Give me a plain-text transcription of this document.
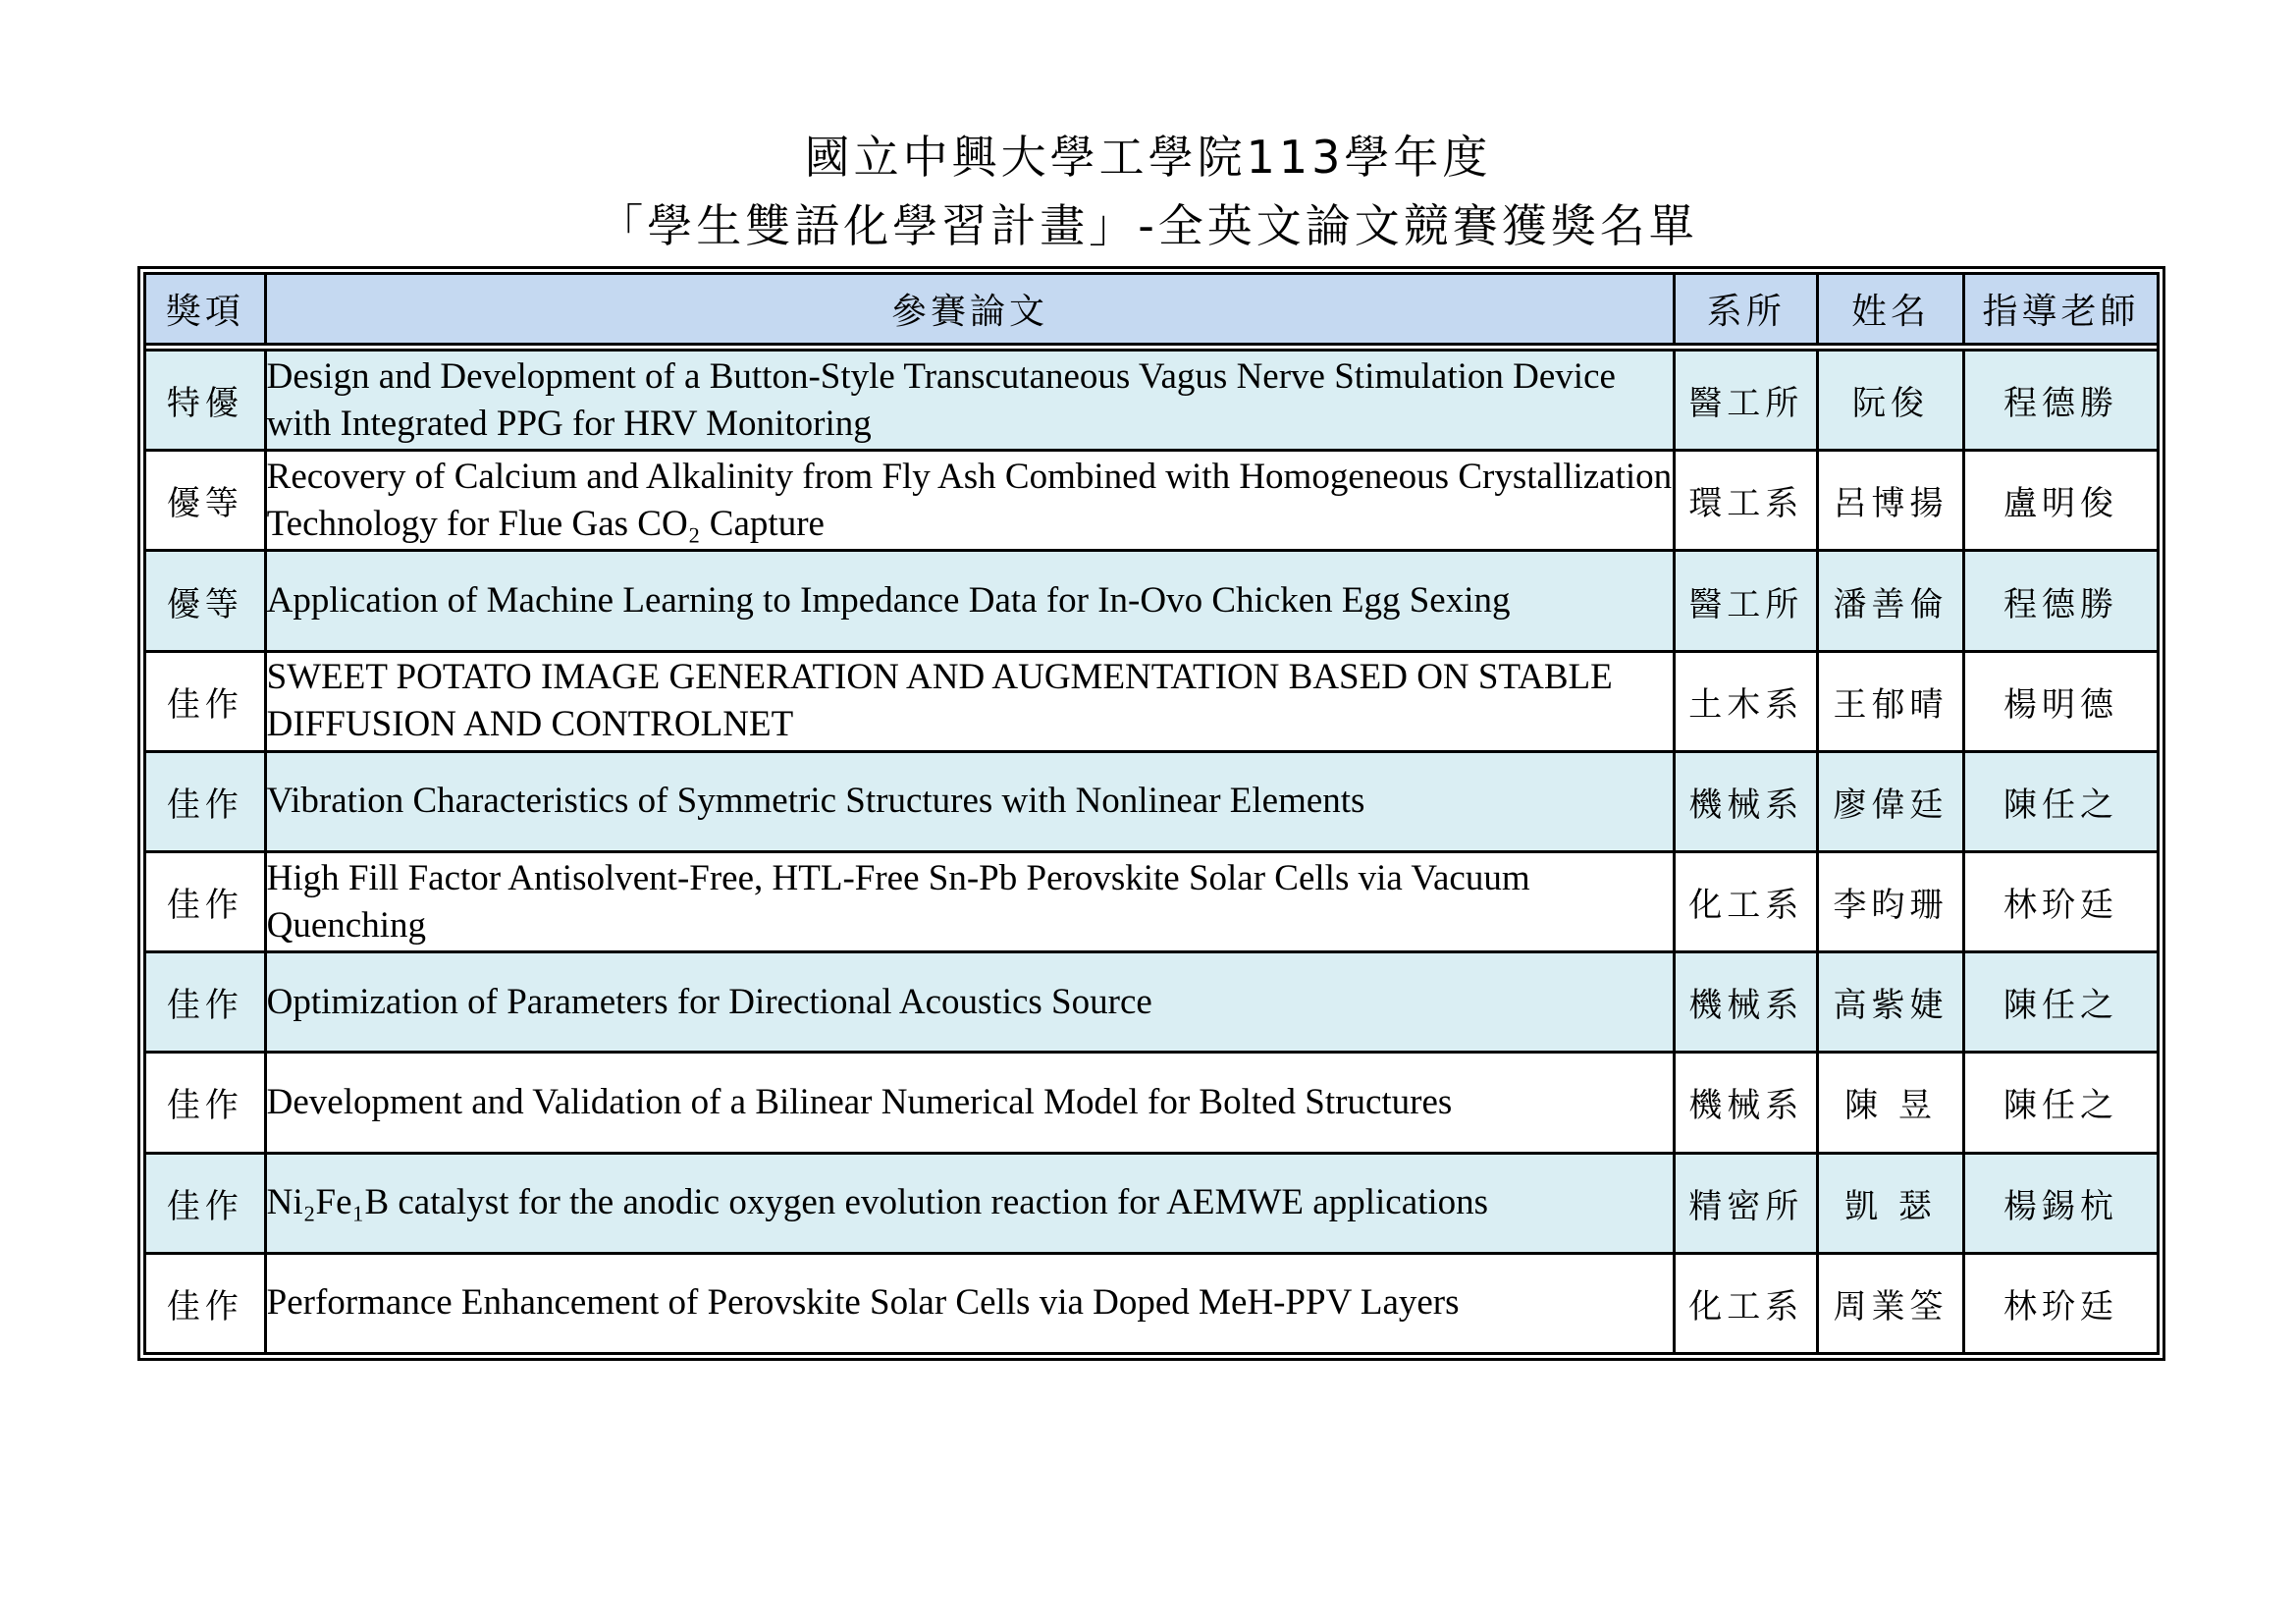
國立中興大學工學院113學年度
「學生雙語化學習計畫」-全英文論文競賽獲獎名單
獎項	參賽論文	系所	姓名	指導老師

特優	Design and Development of a Button-Style Transcutaneous Vagus Nerve Stimulation Device with Integrated PPG for HRV Monitoring	醫工所	阮俊	程德勝
優等	Recovery of Calcium and Alkalinity from Fly Ash Combined with Homogeneous Crystallization Technology for Flue Gas CO₂ Capture	環工系	呂博揚	盧明俊
優等	Application of Machine Learning to Impedance Data for In-Ovo Chicken Egg Sexing	醫工所	潘善倫	程德勝
佳作	SWEET POTATO IMAGE GENERATION AND AUGMENTATION BASED ON STABLE DIFFUSION AND CONTROLNET	土木系	王郁晴	楊明德
佳作	Vibration Characteristics of Symmetric Structures with Nonlinear Elements	機械系	廖偉廷	陳任之
佳作	High Fill Factor Antisolvent-Free, HTL-Free Sn-Pb Perovskite Solar Cells via Vacuum Quenching	化工系	李昀珊	林玠廷
佳作	Optimization of Parameters for Directional Acoustics Source	機械系	高紫婕	陳任之
佳作	Development and Validation of a Bilinear Numerical Model for Bolted Structures	機械系	陳 昱	陳任之
佳作	Ni₂Fe₁B catalyst for the anodic oxygen evolution reaction for AEMWE applications	精密所	凱 瑟	楊錫杭
佳作	Performance Enhancement of Perovskite Solar Cells via Doped MeH-PPV Layers	化工系	周業筌	林玠廷
